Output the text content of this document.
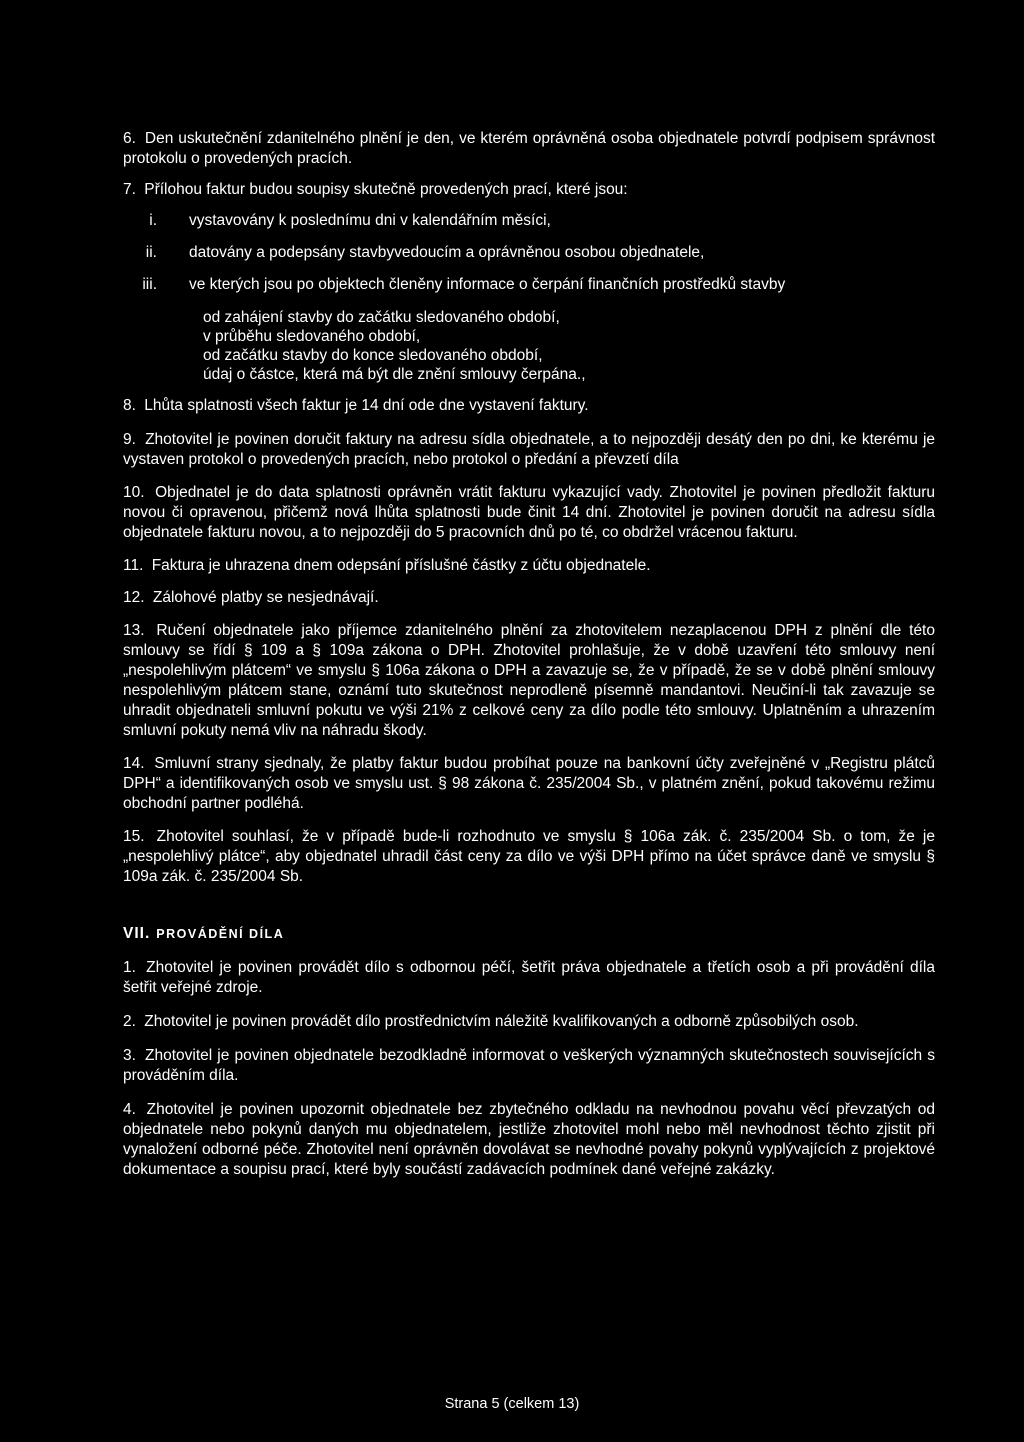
6. Den uskutečnění zdanitelného plnění je den, ve kterém oprávněná osoba objednatele potvrdí podpisem správnost protokolu o provedených pracích.

7. Přílohou faktur budou soupisy skutečně provedených prací, které jsou:

i. vystavovány k poslednímu dni v kalendářním měsíci,
ii. datovány a podepsány stavbyvedoucím a oprávněnou osobou objednatele,
iii. ve kterých jsou po objektech členěny informace o čerpání finančních prostředků stavby
od zahájení stavby do začátku sledovaného období,
v průběhu sledovaného období,
od začátku stavby do konce sledovaného období,
údaj o částce, která má být dle znění smlouvy čerpána.,

8. Lhůta splatnosti všech faktur je 14 dní ode dne vystavení faktury.

9. Zhotovitel je povinen doručit faktury na adresu sídla objednatele, a to nejpozději desátý den po dni, ke kterému je vystaven protokol o provedených pracích, nebo protokol o předání a převzetí díla

10. Objednatel je do data splatnosti oprávněn vrátit fakturu vykazující vady. Zhotovitel je povinen předložit fakturu novou či opravenou, přičemž nová lhůta splatnosti bude činit 14 dní. Zhotovitel je povinen doručit na adresu sídla objednatele fakturu novou, a to nejpozději do 5 pracovních dnů po té, co obdržel vrácenou fakturu.

11. Faktura je uhrazena dnem odepsání příslušné částky z účtu objednatele.

12. Zálohové platby se nesjednávají.

13. Ručení objednatele jako příjemce zdanitelného plnění za zhotovitelem nezaplacenou DPH z plnění dle této smlouvy se řídí § 109 a § 109a zákona o DPH. Zhotovitel prohlašuje, že v době uzavření této smlouvy není „nespolehlivým plátcem“ ve smyslu § 106a zákona o DPH a zavazuje se, že v případě, že se v době plnění smlouvy nespolehlivým plátcem stane, oznámí tuto skutečnost neprodleně písemně mandantovi. Neučiní-li tak zavazuje se uhradit objednateli smluvní pokutu ve výši 21% z celkové ceny za dílo podle této smlouvy. Uplatněním a uhrazením smluvní pokuty nemá vliv na náhradu škody.

14. Smluvní strany sjednaly, že platby faktur budou probíhat pouze na bankovní účty zveřejněné v „Registru plátců DPH“ a identifikovaných osob ve smyslu ust. § 98 zákona č. 235/2004 Sb., v platném znění, pokud takovému režimu obchodní partner podléhá.

15. Zhotovitel souhlasí, že v případě bude-li rozhodnuto ve smyslu § 106a zák. č. 235/2004 Sb. o tom, že je „nespolehlivý plátce“, aby objednatel uhradil část ceny za dílo ve výši DPH přímo na účet správce daně ve smyslu § 109a zák. č. 235/2004 Sb.

VII. PROVÁDĚNÍ DÍLA

1. Zhotovitel je povinen provádět dílo s odbornou péčí, šetřit práva objednatele a třetích osob a při provádění díla šetřit veřejné zdroje.

2. Zhotovitel je povinen provádět dílo prostřednictvím náležitě kvalifikovaných a odborně způsobilých osob.

3. Zhotovitel je povinen objednatele bezodkladně informovat o veškerých významných skutečnostech souvisejících s prováděním díla.

4. Zhotovitel je povinen upozornit objednatele bez zbytečného odkladu na nevhodnou povahu věcí převzatých od objednatele nebo pokynů daných mu objednatelem, jestliže zhotovitel mohl nebo měl nevhodnost těchto zjistit při vynaložení odborné péče. Zhotovitel není oprávněn dovolávat se nevhodné povahy pokynů vyplývajících z projektové dokumentace a soupisu prací, které byly součástí zadávacích podmínek dané veřejné zakázky.

Strana 5 (celkem 13)
